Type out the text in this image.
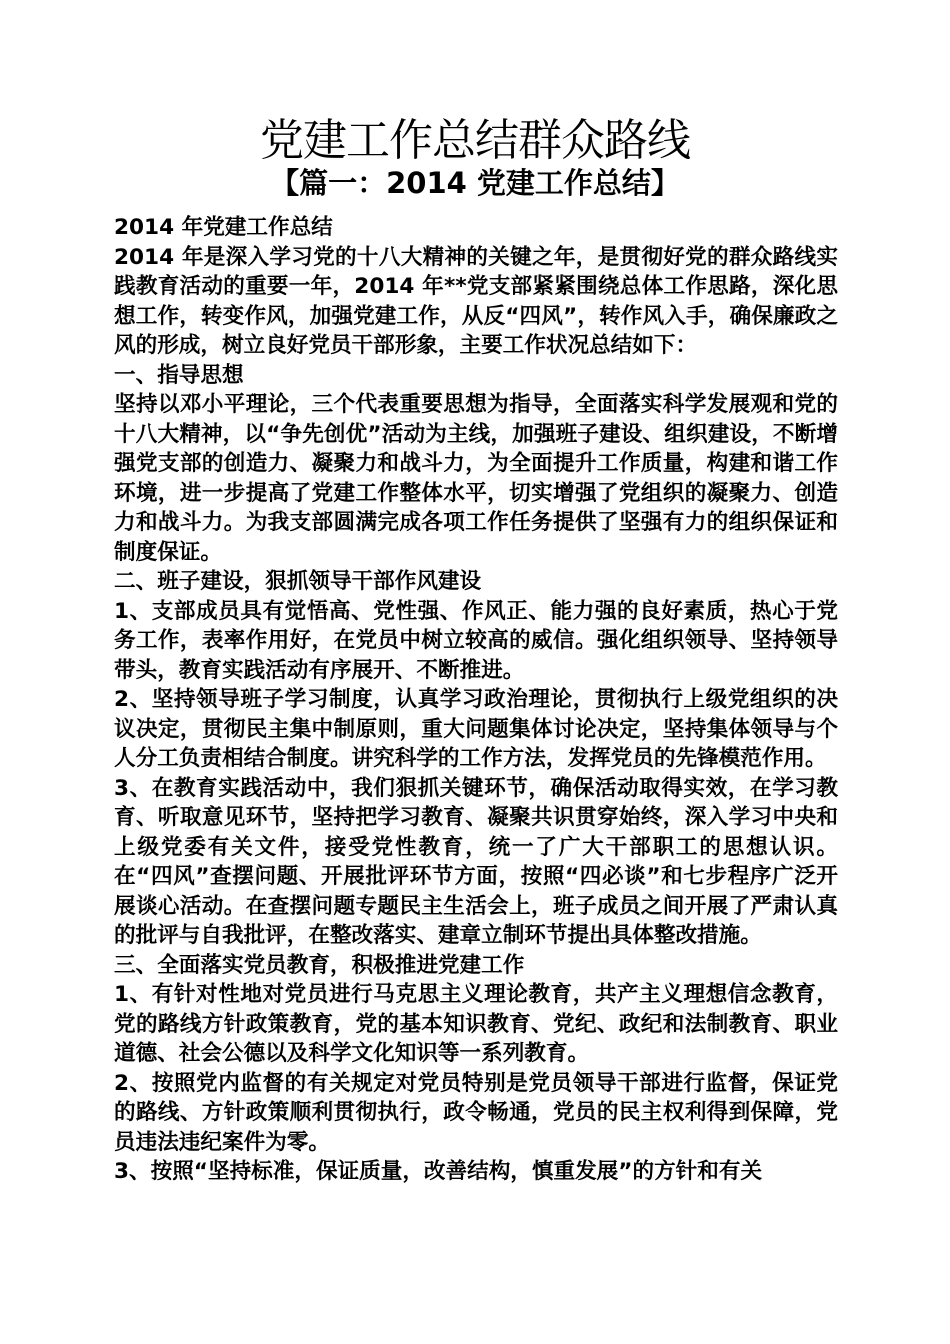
党建工作总结群众路线
【篇一：2014 党建工作总结】

2014 年党建工作总结

2014 年是深入学习党的十八大精神的关键之年，是贯彻好党的群众路线实践教育活动的重要一年，2014 年**党支部紧紧围绕总体工作思路，深化思想工作，转变作风，加强党建工作，从反“四风”，转作风入手，确保廉政之风的形成，树立良好党员干部形象，主要工作状况总结如下：

一、指导思想

坚持以邓小平理论，三个代表重要思想为指导，全面落实科学发展观和党的十八大精神，以“争先创优”活动为主线，加强班子建设、组织建设，不断增强党支部的创造力、凝聚力和战斗力，为全面提升工作质量，构建和谐工作环境，进一步提高了党建工作整体水平，切实增强了党组织的凝聚力、创造力和战斗力。为我支部圆满完成各项工作任务提供了坚强有力的组织保证和制度保证。

二、班子建设，狠抓领导干部作风建设

1、支部成员具有觉悟高、党性强、作风正、能力强的良好素质，热心于党务工作，表率作用好，在党员中树立较高的威信。强化组织领导、坚持领导带头，教育实践活动有序展开、不断推进。

2、坚持领导班子学习制度，认真学习政治理论，贯彻执行上级党组织的决议决定，贯彻民主集中制原则，重大问题集体讨论决定，坚持集体领导与个人分工负责相结合制度。讲究科学的工作方法，发挥党员的先锋模范作用。

3、在教育实践活动中，我们狠抓关键环节，确保活动取得实效，在学习教育、听取意见环节，坚持把学习教育、凝聚共识贯穿始终，深入学习中央和上级党委有关文件，接受党性教育，统一了广大干部职工的思想认识。在“四风”查摆问题、开展批评环节方面，按照“四必谈”和七步程序广泛开展谈心活动。在查摆问题专题民主生活会上，班子成员之间开展了严肃认真的批评与自我批评，在整改落实、建章立制环节提出具体整改措施。

三、全面落实党员教育，积极推进党建工作

1、有针对性地对党员进行马克思主义理论教育，共产主义理想信念教育，党的路线方针政策教育，党的基本知识教育、党纪、政纪和法制教育、职业道德、社会公德以及科学文化知识等一系列教育。

2、按照党内监督的有关规定对党员特别是党员领导干部进行监督，保证党的路线、方针政策顺利贯彻执行，政令畅通，党员的民主权利得到保障，党员违法违纪案件为零。

3、按照“坚持标准，保证质量，改善结构，慎重发展”的方针和有关
